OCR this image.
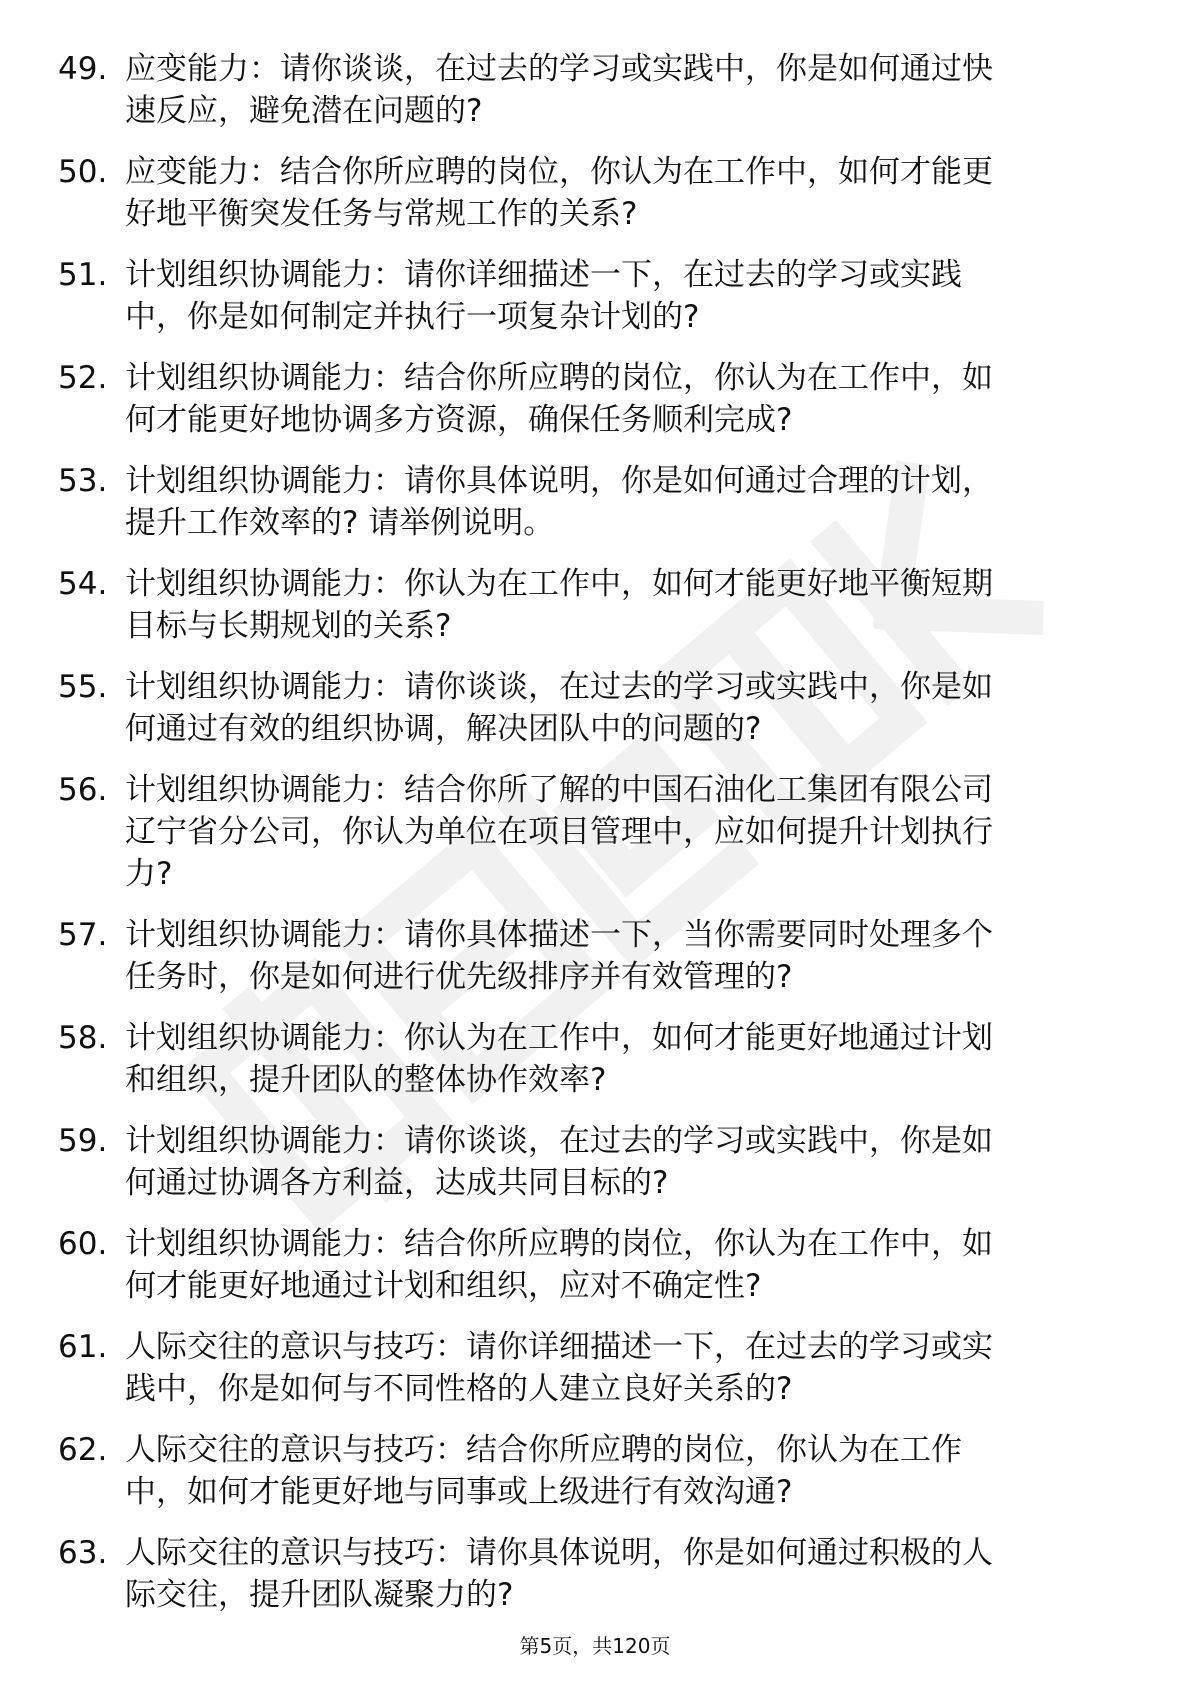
49. 应变能力：请你谈谈，在过去的学习或实践中，你是如何通过快
速反应，避免潜在问题的?
50. 应变能力：结合你所应聘的岗位，你认为在工作中，如何才能更
好地平衡突发任务与常规工作的关系?
51. 计划组织协调能力：请你详细描述一下，在过去的学习或实践
中，你是如何制定并执行一项复杂计划的?
52. 计划组织协调能力：结合你所应聘的岗位，你认为在工作中，如
何才能更好地协调多方资源，确保任务顺利完成?
53. 计划组织协调能力：请你具体说明，你是如何通过合理的计划，
提升工作效率的? 请举例说明。
54. 计划组织协调能力：你认为在工作中，如何才能更好地平衡短期
目标与长期规划的关系?
55. 计划组织协调能力：请你谈谈，在过去的学习或实践中，你是如
何通过有效的组织协调，解决团队中的问题的?
56. 计划组织协调能力：结合你所了解的中国石油化工集团有限公司
辽宁省分公司，你认为单位在项目管理中，应如何提升计划执行
力?
57. 计划组织协调能力：请你具体描述一下，当你需要同时处理多个
任务时，你是如何进行优先级排序并有效管理的?
58. 计划组织协调能力：你认为在工作中，如何才能更好地通过计划
和组织，提升团队的整体协作效率?
59. 计划组织协调能力：请你谈谈，在过去的学习或实践中，你是如
何通过协调各方利益，达成共同目标的?
60. 计划组织协调能力：结合你所应聘的岗位，你认为在工作中，如
何才能更好地通过计划和组织，应对不确定性?
61. 人际交往的意识与技巧：请你详细描述一下，在过去的学习或实
践中，你是如何与不同性格的人建立良好关系的?
62. 人际交往的意识与技巧：结合你所应聘的岗位，你认为在工作
中，如何才能更好地与同事或上级进行有效沟通?
63. 人际交往的意识与技巧：请你具体说明，你是如何通过积极的人
际交往，提升团队凝聚力的?
第5页，共120页
